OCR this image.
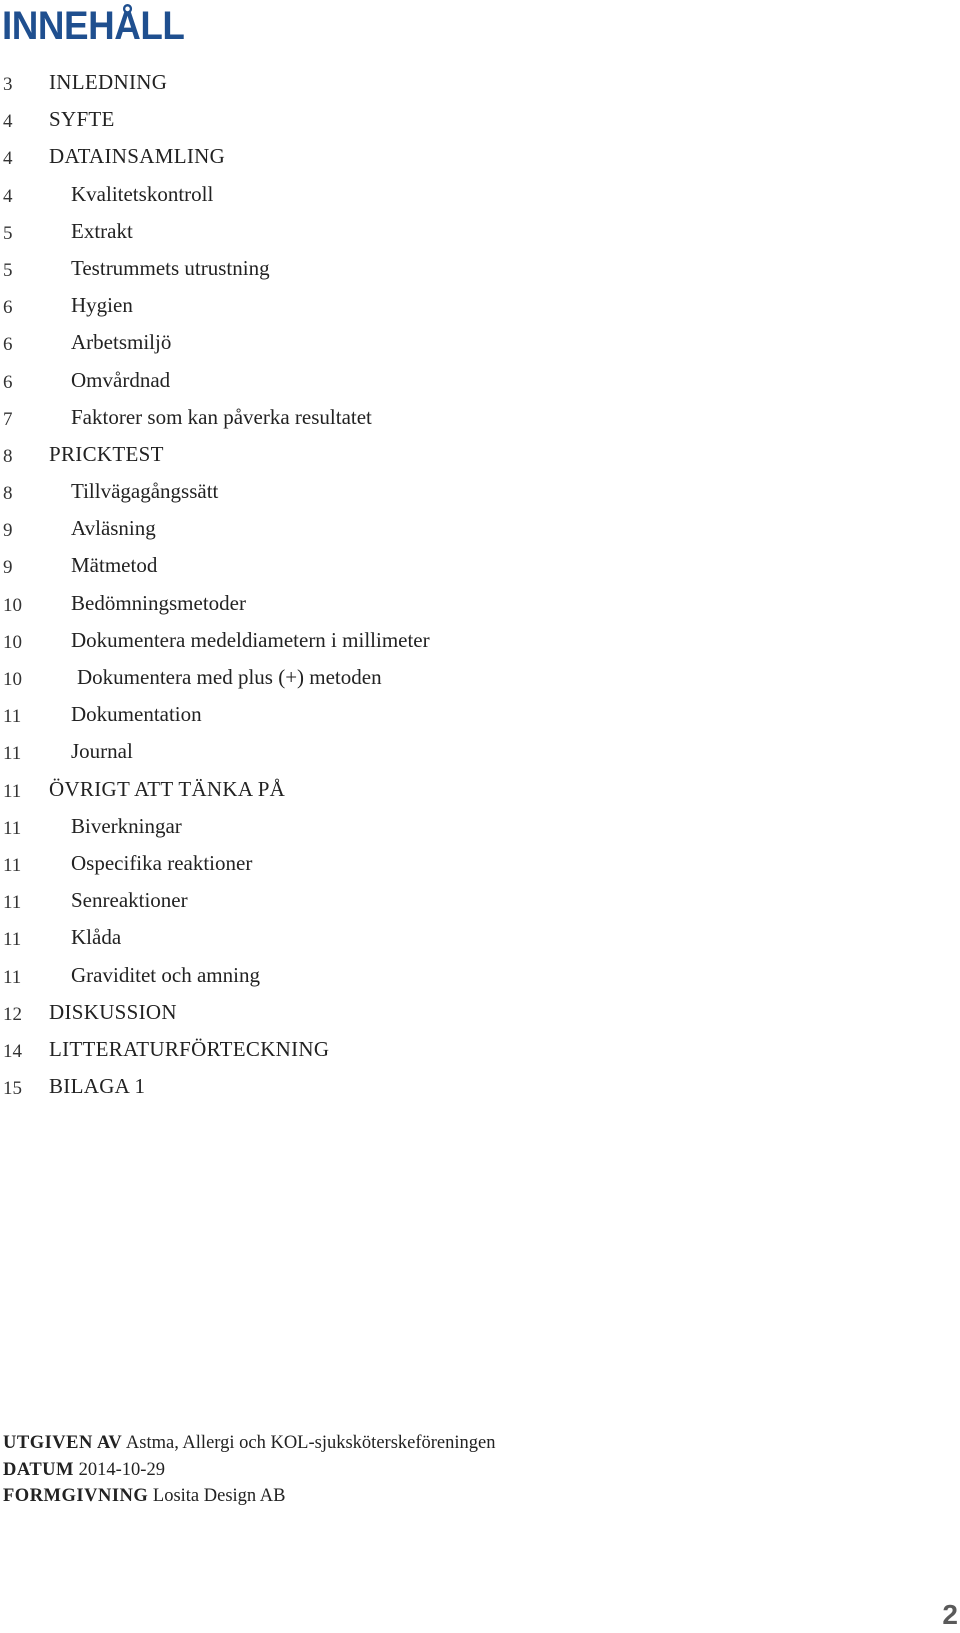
INNEHÅLL
3 INLEDNING
4 SYFTE
4 DATAINSAMLING
4	Kvalitetskontroll
5	Extrakt
5	Testrummets utrustning
6	Hygien
6	Arbetsmiljö
6	Omvårdnad
7	Faktorer som kan påverka resultatet
8 PRICKTEST
8	Tillvägagångssätt
9	Avläsning
9	Mätmetod
10 Bedömningsmetoder
10 Dokumentera medeldiametern i millimeter
10	Dokumentera med plus (+) metoden
11 Dokumentation
11 Journal
11 ÖVRIGT ATT TÄNKA PÅ
11 Biverkningar
11 Ospecifika reaktioner
11 Senreaktioner
11 Klåda
11 Graviditet och amning
12 DISKUSSION
14 LITTERATURFÖRTECKNING
15 BILAGA 1
UTGIVEN AV Astma, Allergi och KOL-sjuksköterskeföreningen
DATUM 2014-10-29
FORMGIVNING Losita Design AB
2
